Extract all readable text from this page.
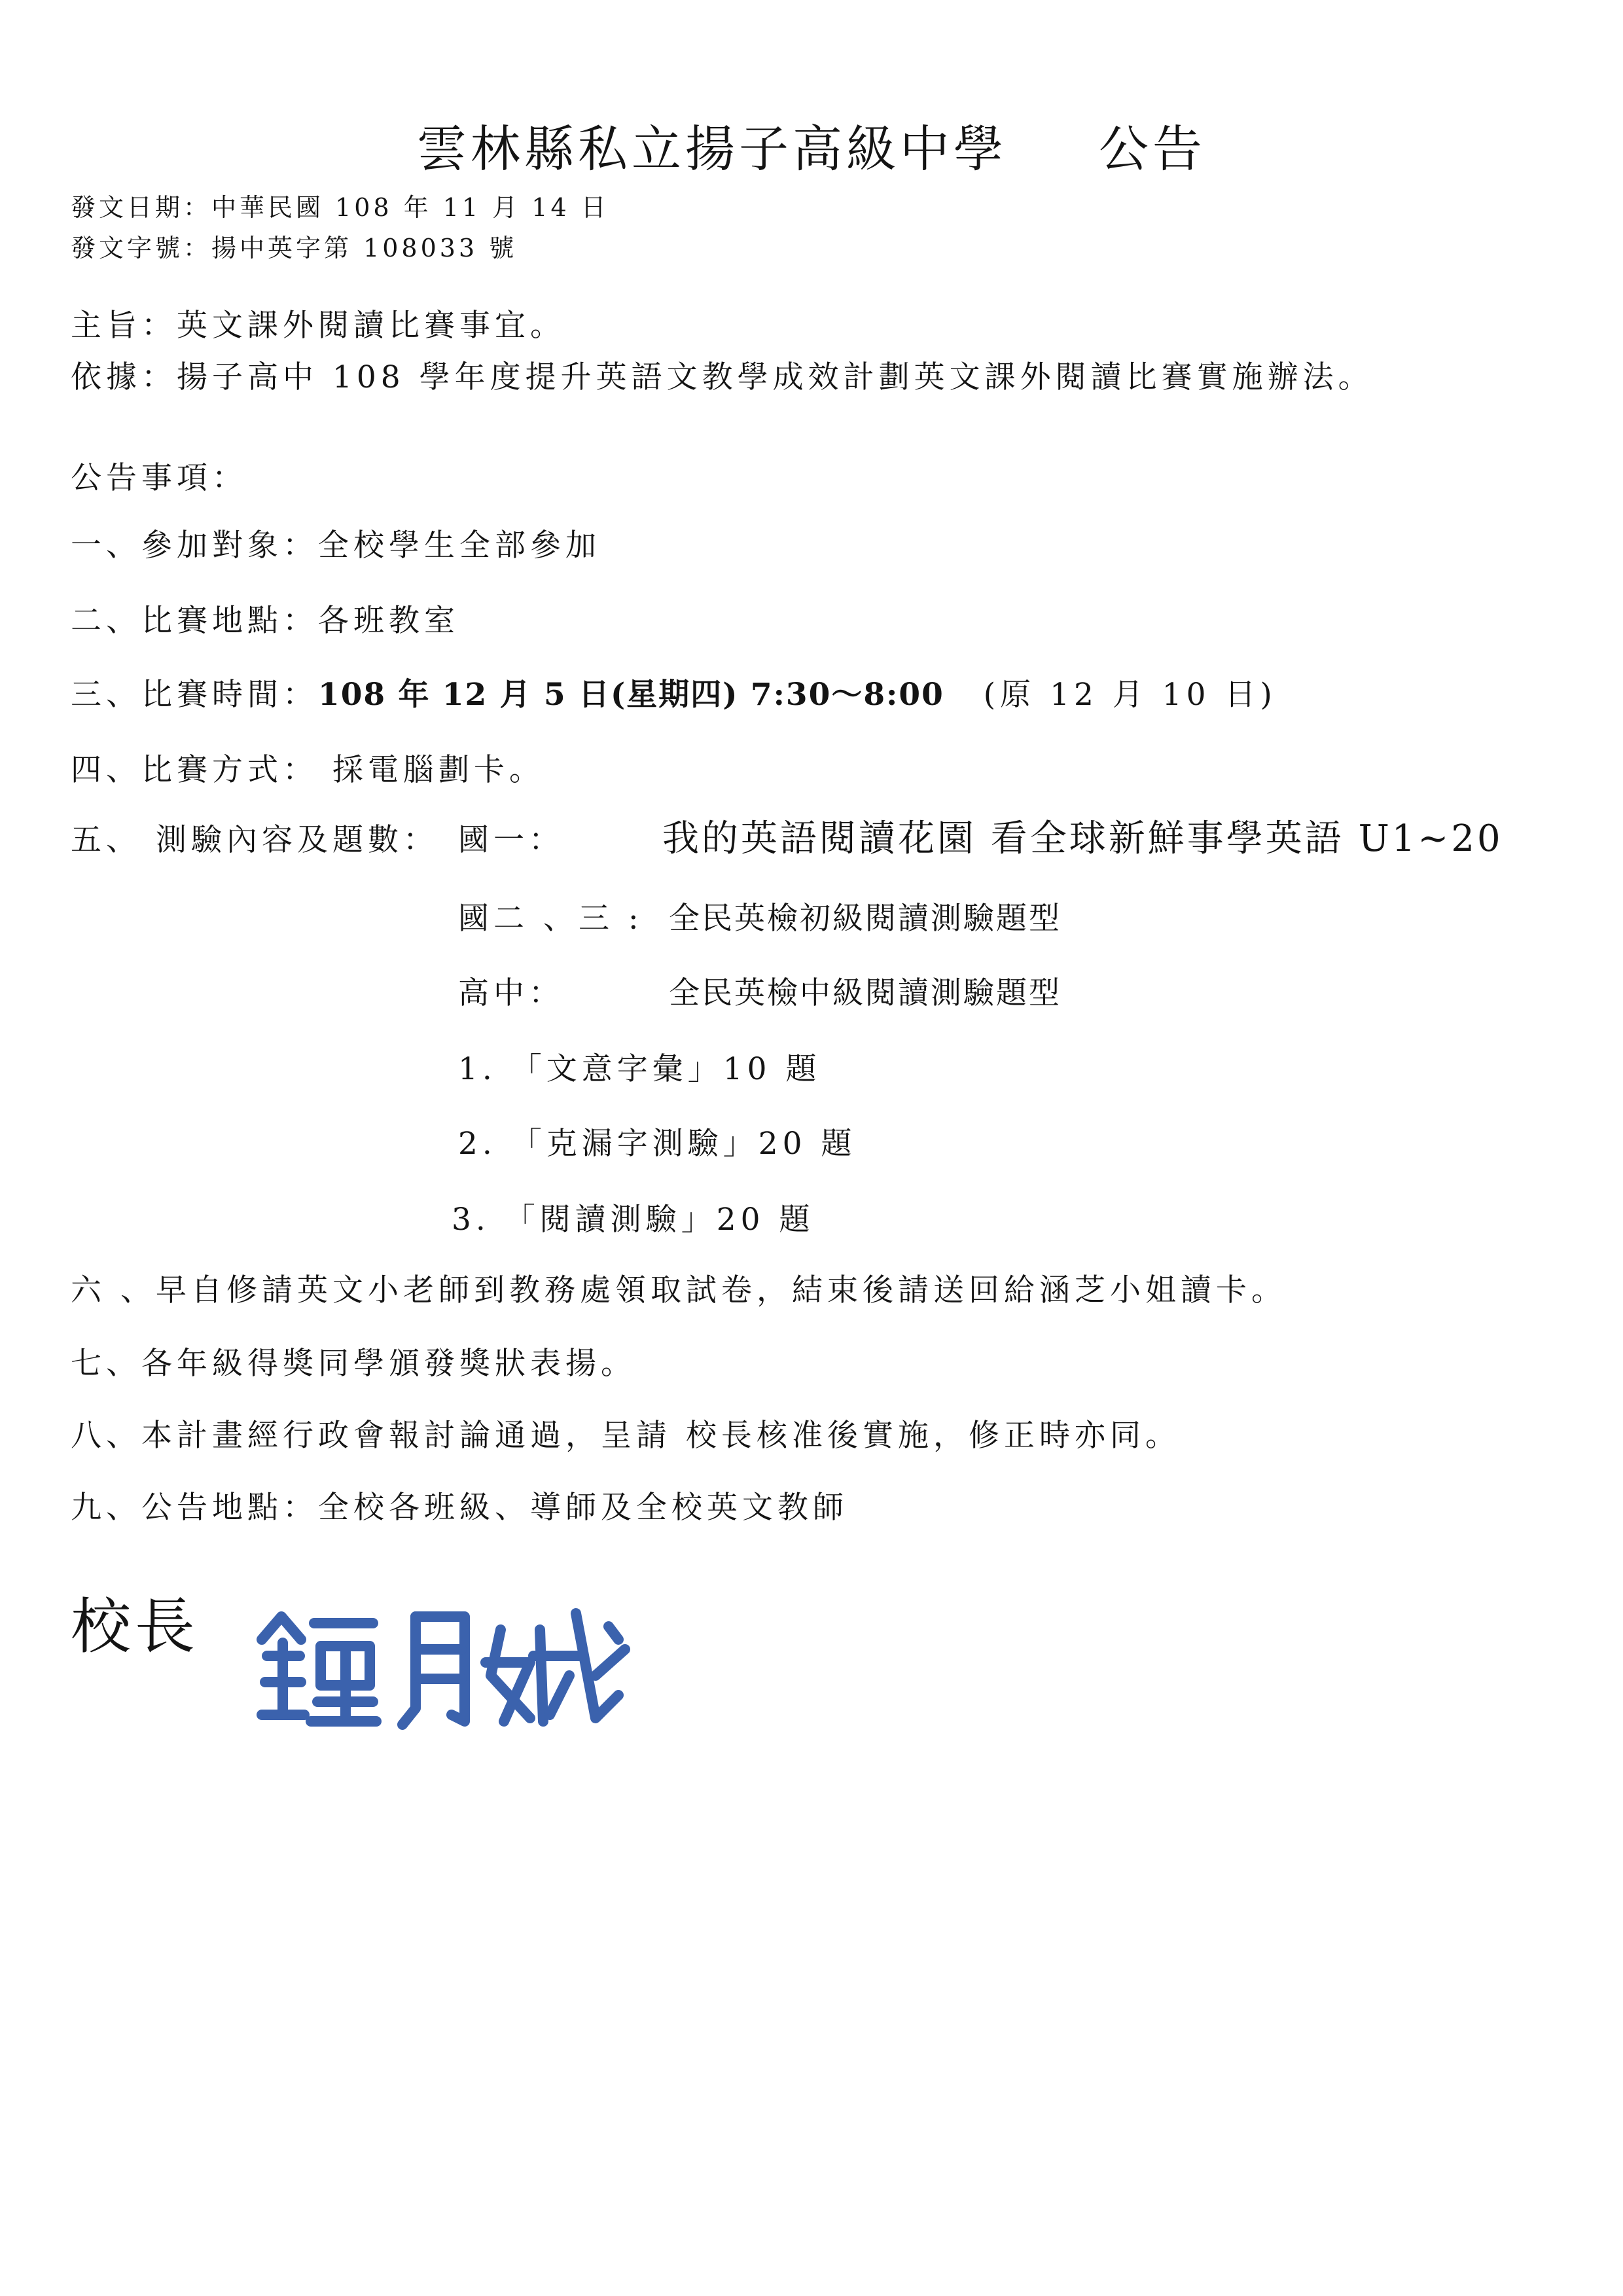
雲林縣私立揚子高級中學 公告
發文日期：中華民國 108 年 11 月 14 日
發文字號：揚中英字第 108033 號
主旨：英文課外閱讀比賽事宜。
依據：揚子高中 108 學年度提升英語文教學成效計劃英文課外閱讀比賽實施辦法。
公告事項：
一、參加對象：全校學生全部參加
二、比賽地點：各班教室
三、比賽時間：108 年 12 月 5 日(星期四) 7:30～8:00 (原 12 月 10 日)
四、比賽方式： 採電腦劃卡。
五、 測驗內容及題數： 國一：	我的英語閱讀花園 看全球新鮮事學英語 U1~20
國二 、三 : 全民英檢初級閱讀測驗題型
高中：	全民英檢中級閱讀測驗題型
1. 「文意字彙」10 題
2. 「克漏字測驗」20 題
3. 「閱讀測驗」20 題
六 、早自修請英文小老師到教務處領取試卷，結束後請送回給涵芝小姐讀卡。
七、各年級得獎同學頒發獎狀表揚。
八、本計畫經行政會報討論通過，呈請 校長核准後實施，修正時亦同。
九、公告地點：全校各班級、導師及全校英文教師
校長
